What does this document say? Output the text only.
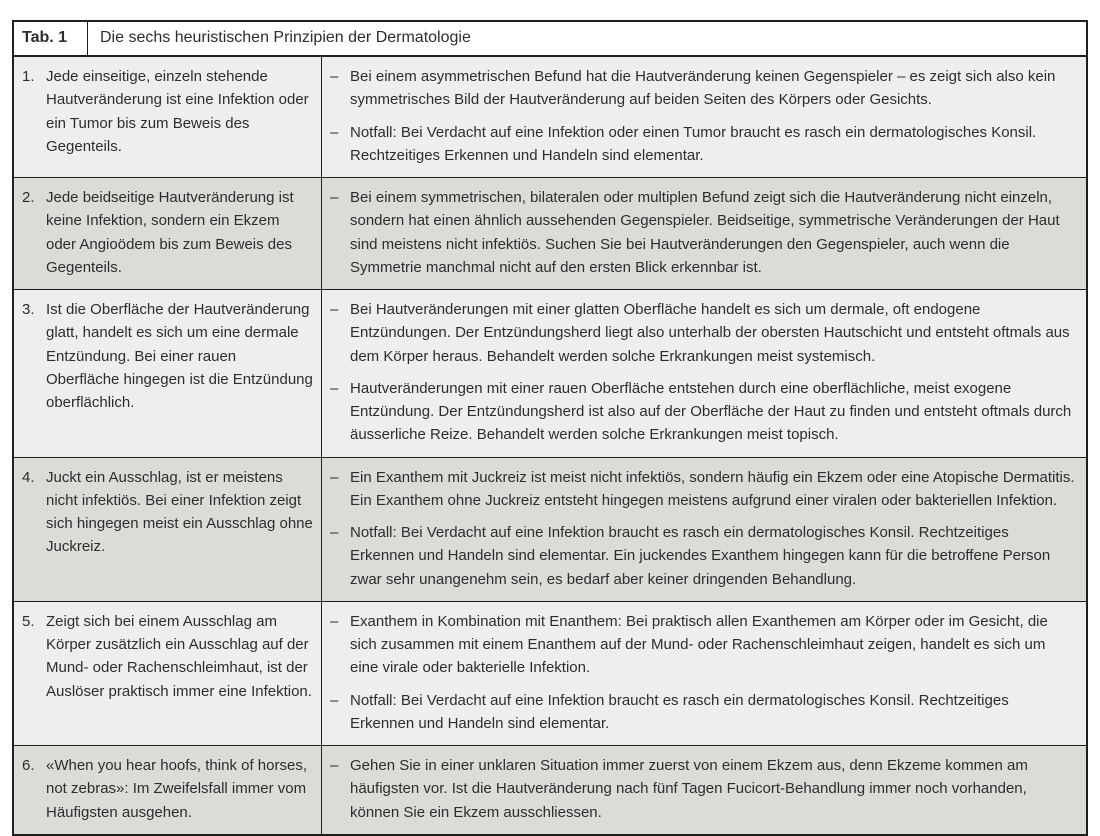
Tab. 1	Die sechs heuristischen Prinzipien der Dermatologie
1. Jede einseitige, einzeln stehende Hautveränderung ist eine Infektion oder ein Tumor bis zum Beweis des Gegenteils.
– Bei einem asymmetrischen Befund hat die Hautveränderung keinen Gegenspieler – es zeigt sich also kein symmetrisches Bild der Hautveränderung auf beiden Seiten des Körpers oder Gesichts.
– Notfall: Bei Verdacht auf eine Infektion oder einen Tumor braucht es rasch ein dermatologisches Konsil. Rechtzeitiges Erkennen und Handeln sind elementar.
2. Jede beidseitige Hautveränderung ist keine Infektion, sondern ein Ekzem oder Angioödem bis zum Beweis des Gegenteils.
– Bei einem symmetrischen, bilateralen oder multiplen Befund zeigt sich die Hautveränderung nicht einzeln, sondern hat einen ähnlich aussehenden Gegenspieler. Beidseitige, symmetrische Veränderungen der Haut sind meistens nicht infektiös. Suchen Sie bei Hautveränderungen den Gegenspieler, auch wenn die Symmetrie manchmal nicht auf den ersten Blick erkennbar ist.
3. Ist die Oberfläche der Hautveränderung glatt, handelt es sich um eine dermale Entzündung. Bei einer rauen Oberfläche hingegen ist die Entzündung oberflächlich.
– Bei Hautveränderungen mit einer glatten Oberfläche handelt es sich um dermale, oft endogene Entzündungen. Der Entzündungsherd liegt also unterhalb der obersten Hautschicht und entsteht oftmals aus dem Körper heraus. Behandelt werden solche Erkrankungen meist systemisch.
– Hautveränderungen mit einer rauen Oberfläche entstehen durch eine oberflächliche, meist exogene Entzündung. Der Entzündungsherd ist also auf der Oberfläche der Haut zu finden und entsteht oftmals durch äusserliche Reize. Behandelt werden solche Erkrankungen meist topisch.
4. Juckt ein Ausschlag, ist er meistens nicht infektiös. Bei einer Infektion zeigt sich hingegen meist ein Ausschlag ohne Juckreiz.
– Ein Exanthem mit Juckreiz ist meist nicht infektiös, sondern häufig ein Ekzem oder eine Atopische Dermatitis. Ein Exanthem ohne Juckreiz entsteht hingegen meistens aufgrund einer viralen oder bakteriellen Infektion.
– Notfall: Bei Verdacht auf eine Infektion braucht es rasch ein dermatologisches Konsil. Rechtzeitiges Erkennen und Handeln sind elementar. Ein juckendes Exanthem hingegen kann für die betroffene Person zwar sehr unangenehm sein, es bedarf aber keiner dringenden Behandlung.
5. Zeigt sich bei einem Ausschlag am Körper zusätzlich ein Ausschlag auf der Mund- oder Rachenschleimhaut, ist der Auslöser praktisch immer eine Infektion.
– Exanthem in Kombination mit Enanthem: Bei praktisch allen Exanthemen am Körper oder im Gesicht, die sich zusammen mit einem Enanthem auf der Mund- oder Rachenschleimhaut zeigen, handelt es sich um eine virale oder bakterielle Infektion.
– Notfall: Bei Verdacht auf eine Infektion braucht es rasch ein dermatologisches Konsil. Rechtzeitiges Erkennen und Handeln sind elementar.
6. «When you hear hoofs, think of horses, not zebras»: Im Zweifelsfall immer vom Häufigsten ausgehen.
– Gehen Sie in einer unklaren Situation immer zuerst von einem Ekzem aus, denn Ekzeme kommen am häufigsten vor. Ist die Hautveränderung nach fünf Tagen Fucicort-Behandlung immer noch vorhanden, können Sie ein Ekzem ausschliessen.
